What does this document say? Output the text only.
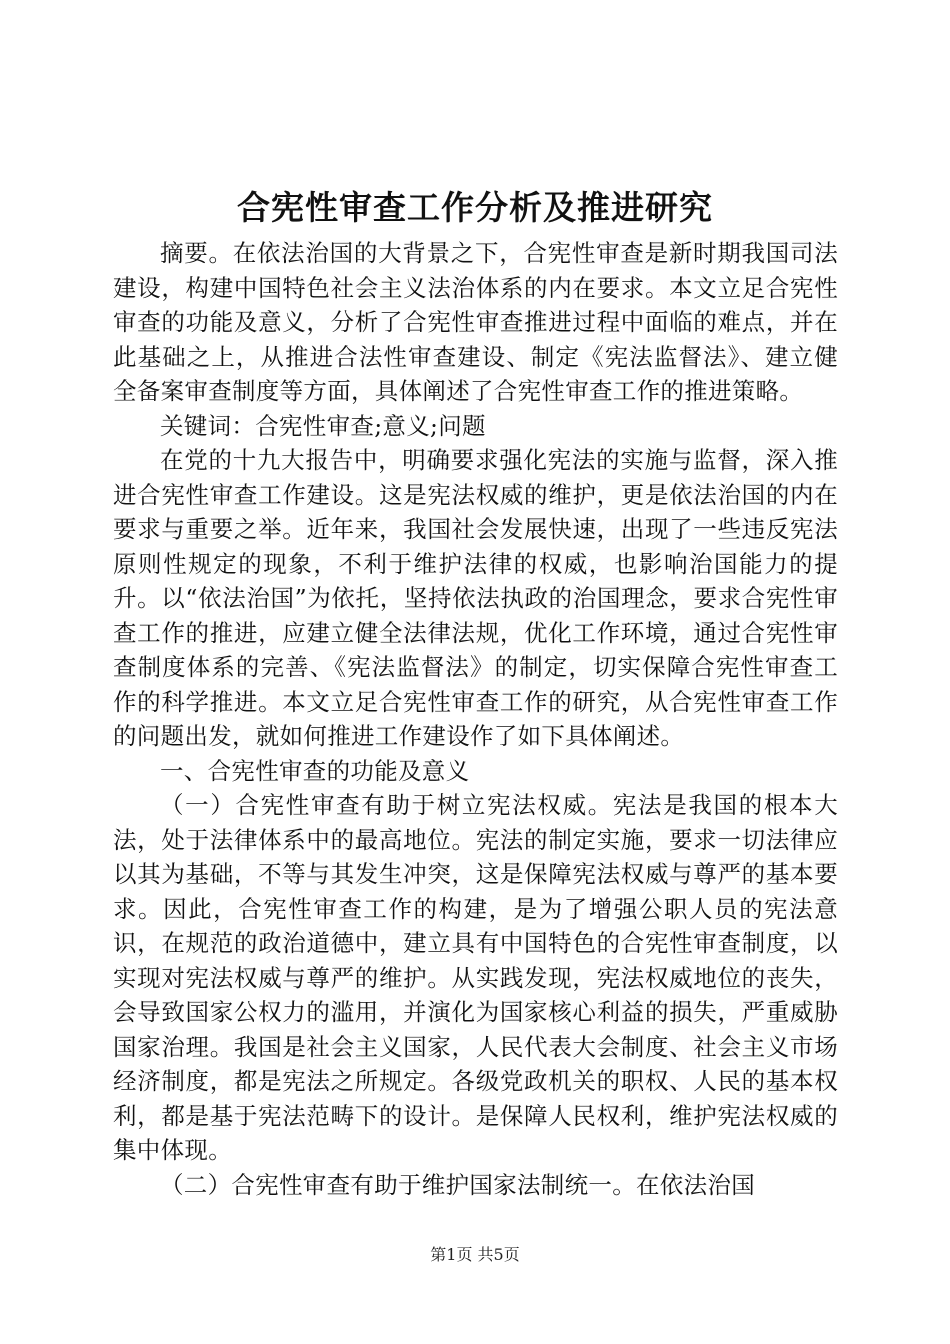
合宪性审查工作分析及推进研究

摘要。在依法治国的大背景之下，合宪性审查是新时期我国司法建设，构建中国特色社会主义法治体系的内在要求。本文立足合宪性审查的功能及意义，分析了合宪性审查推进过程中面临的难点，并在此基础之上，从推进合法性审查建设、制定《宪法监督法》、建立健全备案审查制度等方面，具体阐述了合宪性审查工作的推进策略。

关键词：合宪性审查;意义;问题

在党的十九大报告中，明确要求强化宪法的实施与监督，深入推进合宪性审查工作建设。这是宪法权威的维护，更是依法治国的内在要求与重要之举。近年来，我国社会发展快速，出现了一些违反宪法原则性规定的现象，不利于维护法律的权威，也影响治国能力的提升。以“依法治国”为依托，坚持依法执政的治国理念，要求合宪性审查工作的推进，应建立健全法律法规，优化工作环境，通过合宪性审查制度体系的完善、《宪法监督法》的制定，切实保障合宪性审查工作的科学推进。本文立足合宪性审查工作的研究，从合宪性审查工作的问题出发，就如何推进工作建设作了如下具体阐述。

一、合宪性审查的功能及意义

（一）合宪性审查有助于树立宪法权威。宪法是我国的根本大法，处于法律体系中的最高地位。宪法的制定实施，要求一切法律应以其为基础，不等与其发生冲突，这是保障宪法权威与尊严的基本要求。因此，合宪性审查工作的构建，是为了增强公职人员的宪法意识，在规范的政治道德中，建立具有中国特色的合宪性审查制度，以实现对宪法权威与尊严的维护。从实践发现，宪法权威地位的丧失，会导致国家公权力的滥用，并演化为国家核心利益的损失，严重威胁国家治理。我国是社会主义国家，人民代表大会制度、社会主义市场经济制度，都是宪法之所规定。各级党政机关的职权、人民的基本权利，都是基于宪法范畴下的设计。是保障人民权利，维护宪法权威的集中体现。

（二）合宪性审查有助于维护国家法制统一。在依法治国

第1页 共5页
